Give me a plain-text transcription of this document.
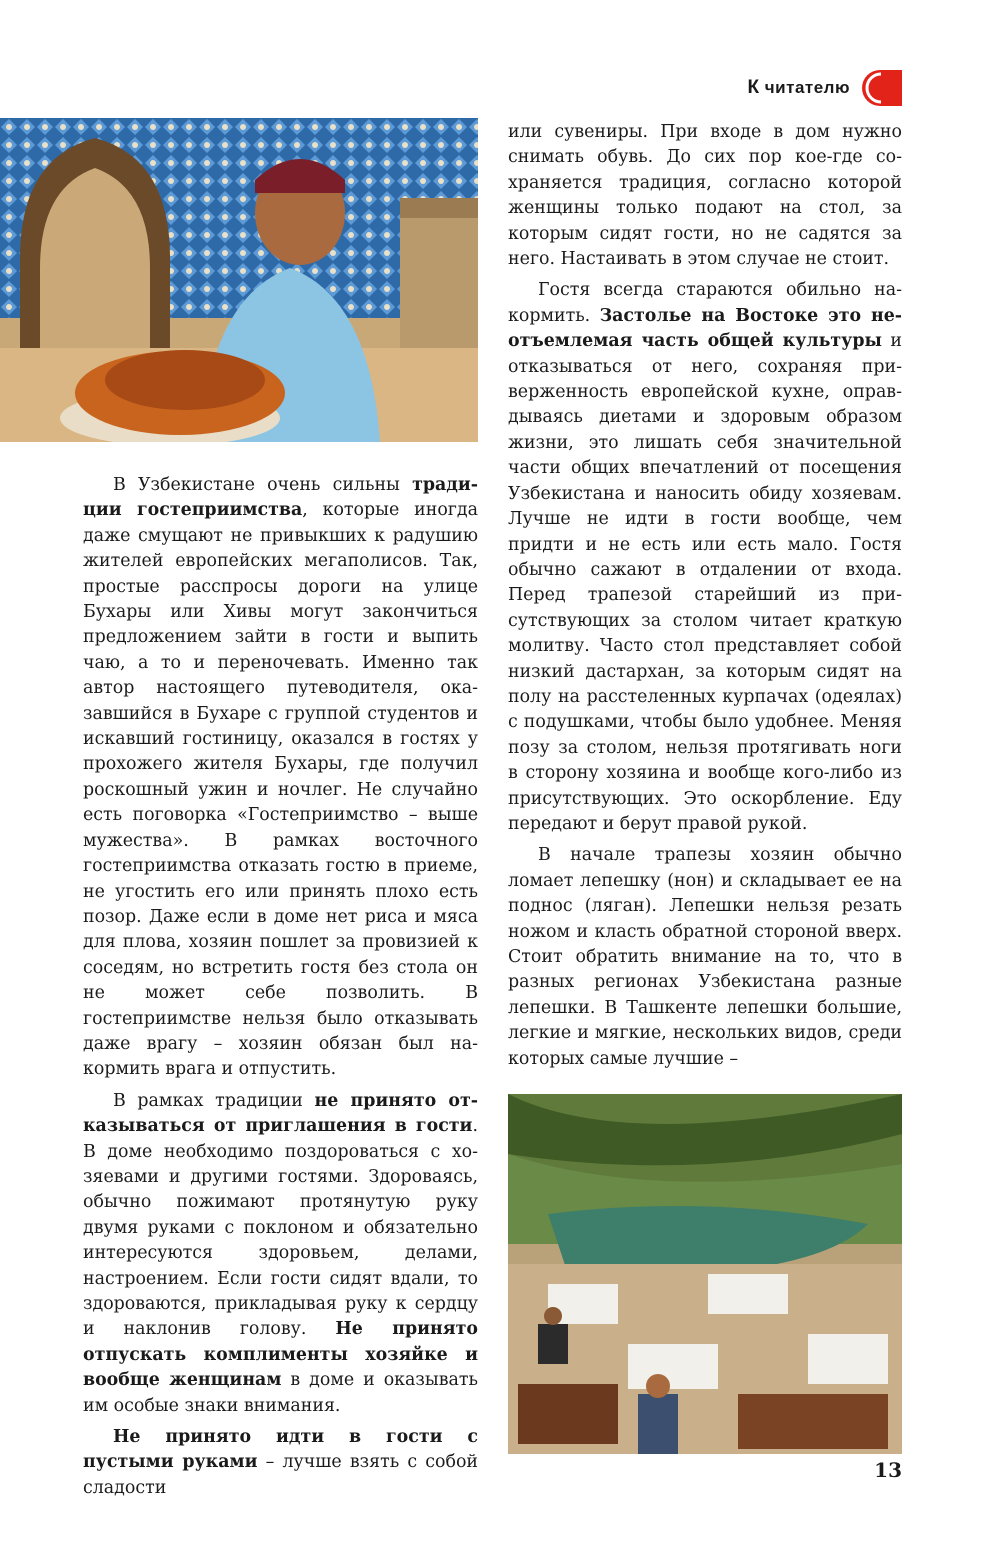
К читателю

В Узбекистане очень сильны традиции гостеприимства, которые иногда даже смущают не привыкших к радушию жителей европейских мегаполисов. Так, простые расспросы дороги на улице Бухары или Хивы могут закончиться предложением зайти в гости и выпить чаю, а то и переночевать. Именно так автор настоящего путеводителя, оказавшийся в Бухаре с группой студентов и искавший гостиницу, оказался в гостях у прохожего жителя Бухары, где получил роскошный ужин и ночлег. Не случайно есть поговорка «Гостеприимство – выше мужества». В рамках восточного гостеприимства отказать гостю в приеме, не угостить его или принять плохо есть позор. Даже если в доме нет риса и мяса для плова, хозяин пошлет за провизией к соседям, но встретить гостя без стола он не может себе позволить. В гостеприимстве нельзя было отказывать даже врагу – хозяин обязан был накормить врага и отпустить.

В рамках традиции не принято отказываться от приглашения в гости. В доме необходимо поздороваться с хозяевами и другими гостями. Здороваясь, обычно пожимают протянутую руку двумя руками с поклоном и обязательно интересуются здоровьем, делами, настроением. Если гости сидят вдали, то здороваются, прикладывая руку к сердцу и наклонив голову. Не принято отпускать комплименты хозяйке и вообще женщинам в доме и оказывать им особые знаки внимания.

Не принято идти в гости с пустыми руками – лучше взять с собой сладости

или сувениры. При входе в дом нужно снимать обувь. До сих пор кое-где сохраняется традиция, согласно которой женщины только подают на стол, за которым сидят гости, но не садятся за него. Настаивать в этом случае не стоит.

Гостя всегда стараются обильно накормить. Застолье на Востоке это неотъемлемая часть общей культуры и отказываться от него, сохраняя приверженность европейской кухне, оправдываясь диетами и здоровым образом жизни, это лишать себя значительной части общих впечатлений от посещения Узбекистана и наносить обиду хозяевам. Лучше не идти в гости вообще, чем придти и не есть или есть мало. Гостя обычно сажают в отдалении от входа. Перед трапезой старейший из присутствующих за столом читает краткую молитву. Часто стол представляет собой низкий дастархан, за которым сидят на полу на расстеленных курпачах (одеялах) с подушками, чтобы было удобнее. Меняя позу за столом, нельзя протягивать ноги в сторону хозяина и вообще кого-либо из присутствующих. Это оскорбление. Еду передают и берут правой рукой.

В начале трапезы хозяин обычно ломает лепешку (нон) и складывает ее на поднос (ляган). Лепешки нельзя резать ножом и класть обратной стороной вверх. Стоит обратить внимание на то, что в разных регионах Узбекистана разные лепешки. В Ташкенте лепешки большие, легкие и мягкие, нескольких видов, среди которых самые лучшие –

13
